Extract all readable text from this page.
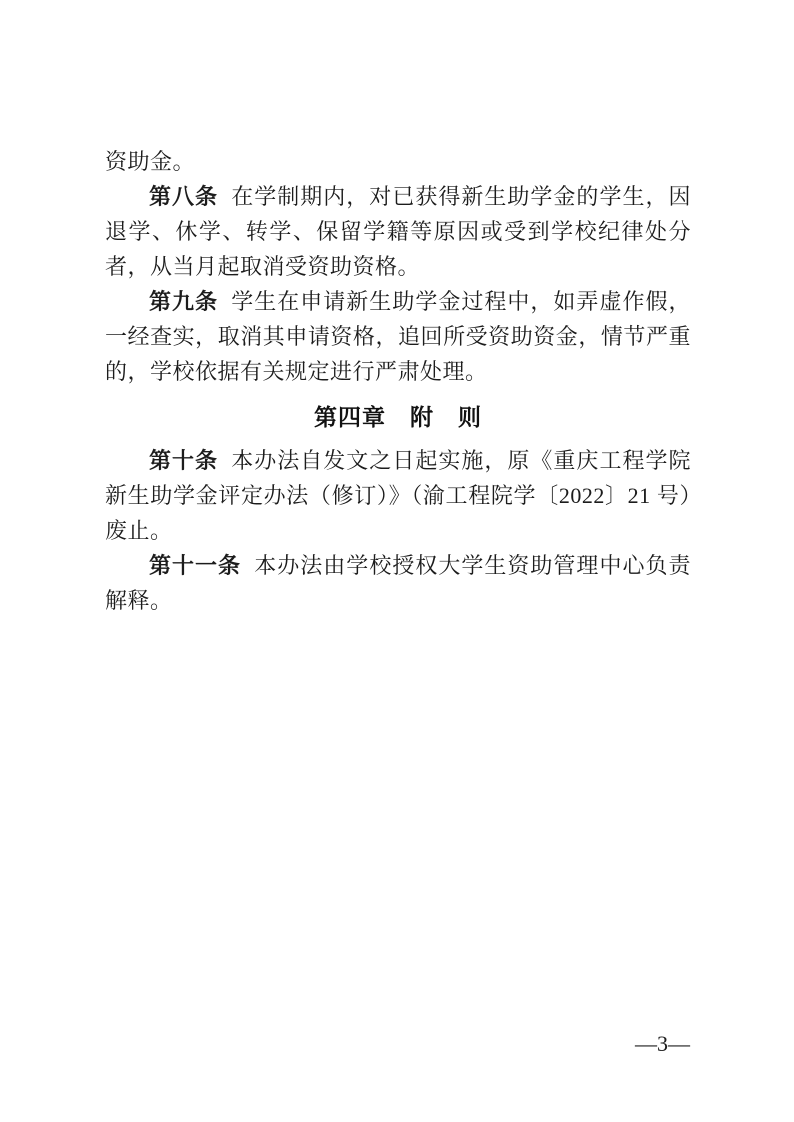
资助金。

第八条 在学制期内，对已获得新生助学金的学生，因退学、休学、转学、保留学籍等原因或受到学校纪律处分者，从当月起取消受资助资格。

第九条 学生在申请新生助学金过程中，如弄虚作假，一经查实，取消其申请资格，追回所受资助资金，情节严重的，学校依据有关规定进行严肃处理。

第四章　附　则

第十条 本办法自发文之日起实施，原《重庆工程学院新生助学金评定办法（修订）》（渝工程院学〔2022〕21 号）废止。

第十一条 本办法由学校授权大学生资助管理中心负责解释。

—3—
